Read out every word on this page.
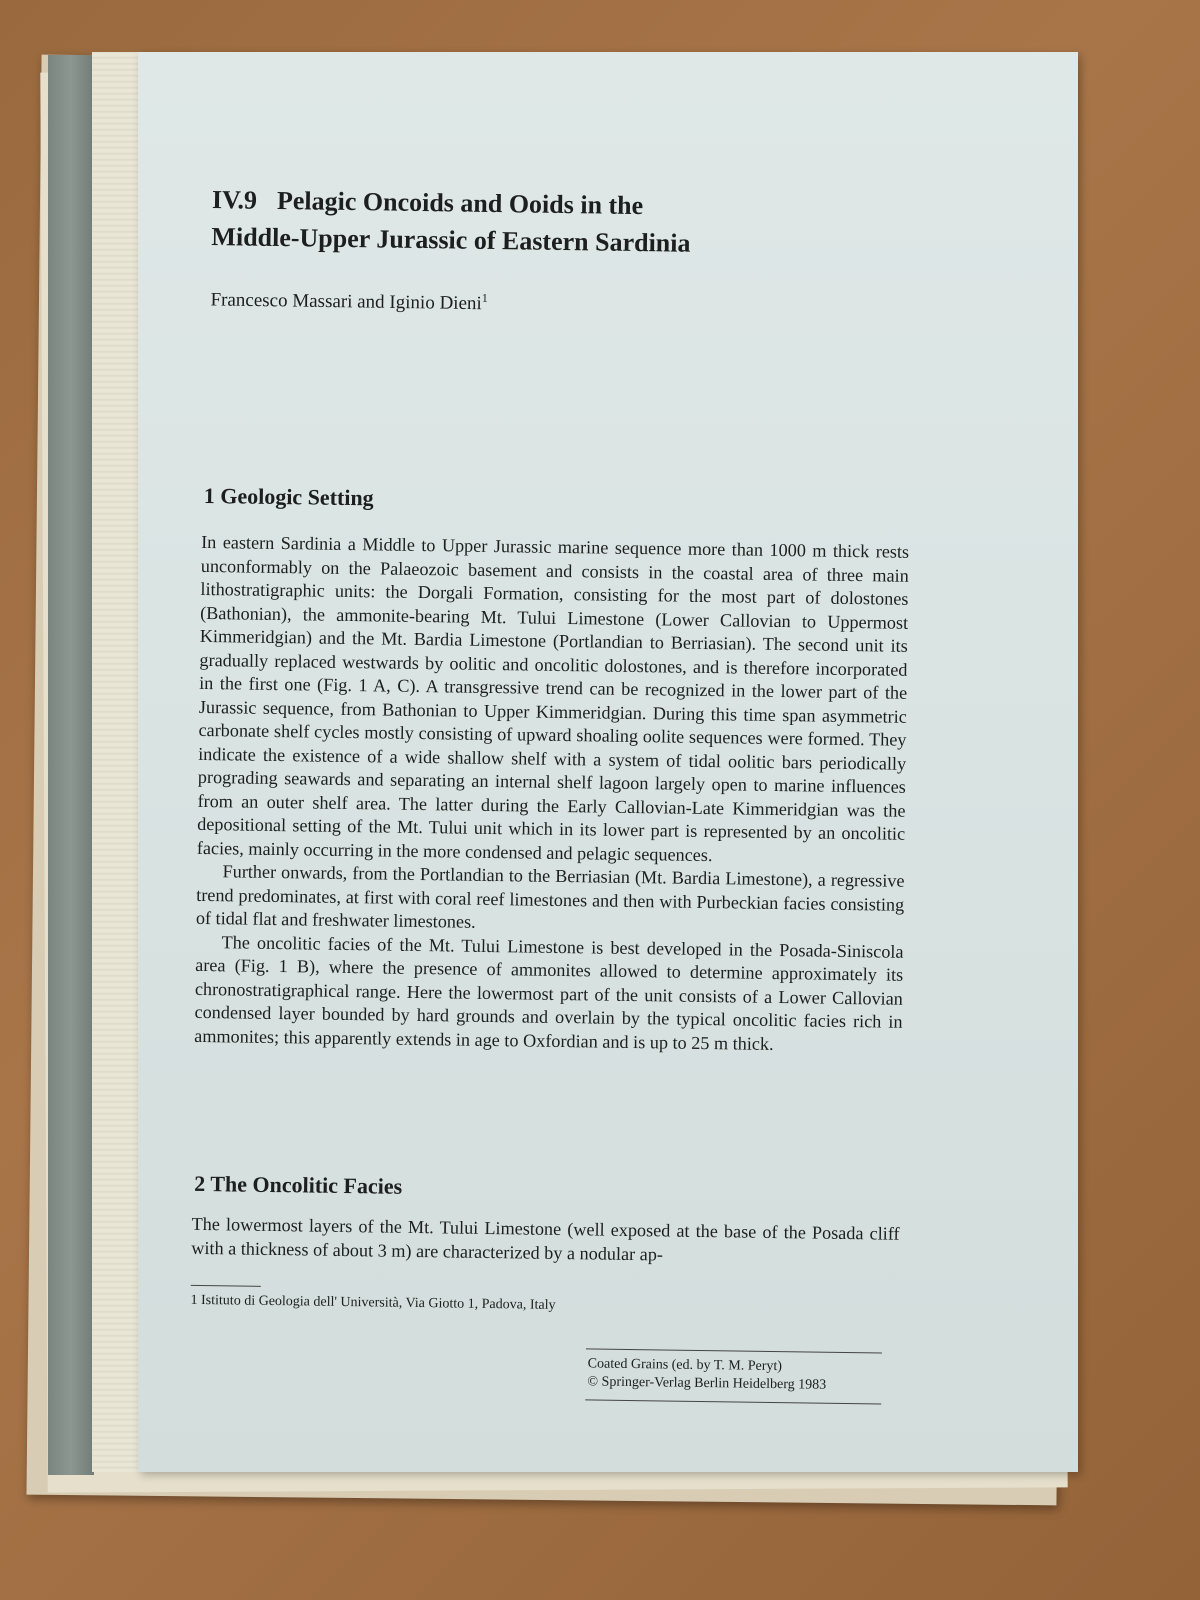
IV.9 Pelagic Oncoids and Ooids in the
Middle-Upper Jurassic of Eastern Sardinia
Francesco Massari and Iginio Dieni$^1$
1 Geologic Setting

In eastern Sardinia a Middle to Upper Jurassic marine sequence more than 1000 m thick rests unconformably on the Palaeozoic basement and consists in the coastal area of three main lithostratigraphic units: the Dorgali Formation, consisting for the most part of dolostones (Bathonian), the ammonite-bearing Mt. Tului Limestone (Lower Callovian to Uppermost Kimmeridgian) and the Mt. Bardia Limestone (Portlandian to Berriasian). The second unit its gradually replaced westwards by oolitic and oncolitic dolostones, and is therefore incorporated in the first one (Fig. 1 A, C). A transgressive trend can be recognized in the lower part of the Jurassic sequence, from Bathonian to Upper Kimmeridgian. During this time span asymmetric carbonate shelf cycles mostly consisting of upward shoaling oolite sequences were formed. They indicate the existence of a wide shallow shelf with a system of tidal oolitic bars periodically prograding seawards and separating an internal shelf lagoon largely open to marine influences from an outer shelf area. The latter during the Early Callovian-Late Kimmeridgian was the depositional setting of the Mt. Tului unit which in its lower part is represented by an oncolitic facies, mainly occurring in the more condensed and pelagic sequences.

Further onwards, from the Portlandian to the Berriasian (Mt. Bardia Limestone), a regressive trend predominates, at first with coral reef limestones and then with Purbeckian facies consisting of tidal flat and freshwater limestones.

The oncolitic facies of the Mt. Tului Limestone is best developed in the Posada-Siniscola area (Fig. 1 B), where the presence of ammonites allowed to determine approximately its chronostratigraphical range. Here the lowermost part of the unit consists of a Lower Callovian condensed layer bounded by hard grounds and overlain by the typical oncolitic facies rich in ammonites; this apparently extends in age to Oxfordian and is up to 25 m thick.

2 The Oncolitic Facies

The lowermost layers of the Mt. Tului Limestone (well exposed at the base of the Posada cliff with a thickness of about 3 m) are characterized by a nodular ap-

1 Istituto di Geologia dell' Università, Via Giotto 1, Padova, Italy
Coated Grains (ed. by T. M. Peryt)
© Springer-Verlag Berlin Heidelberg 1983
